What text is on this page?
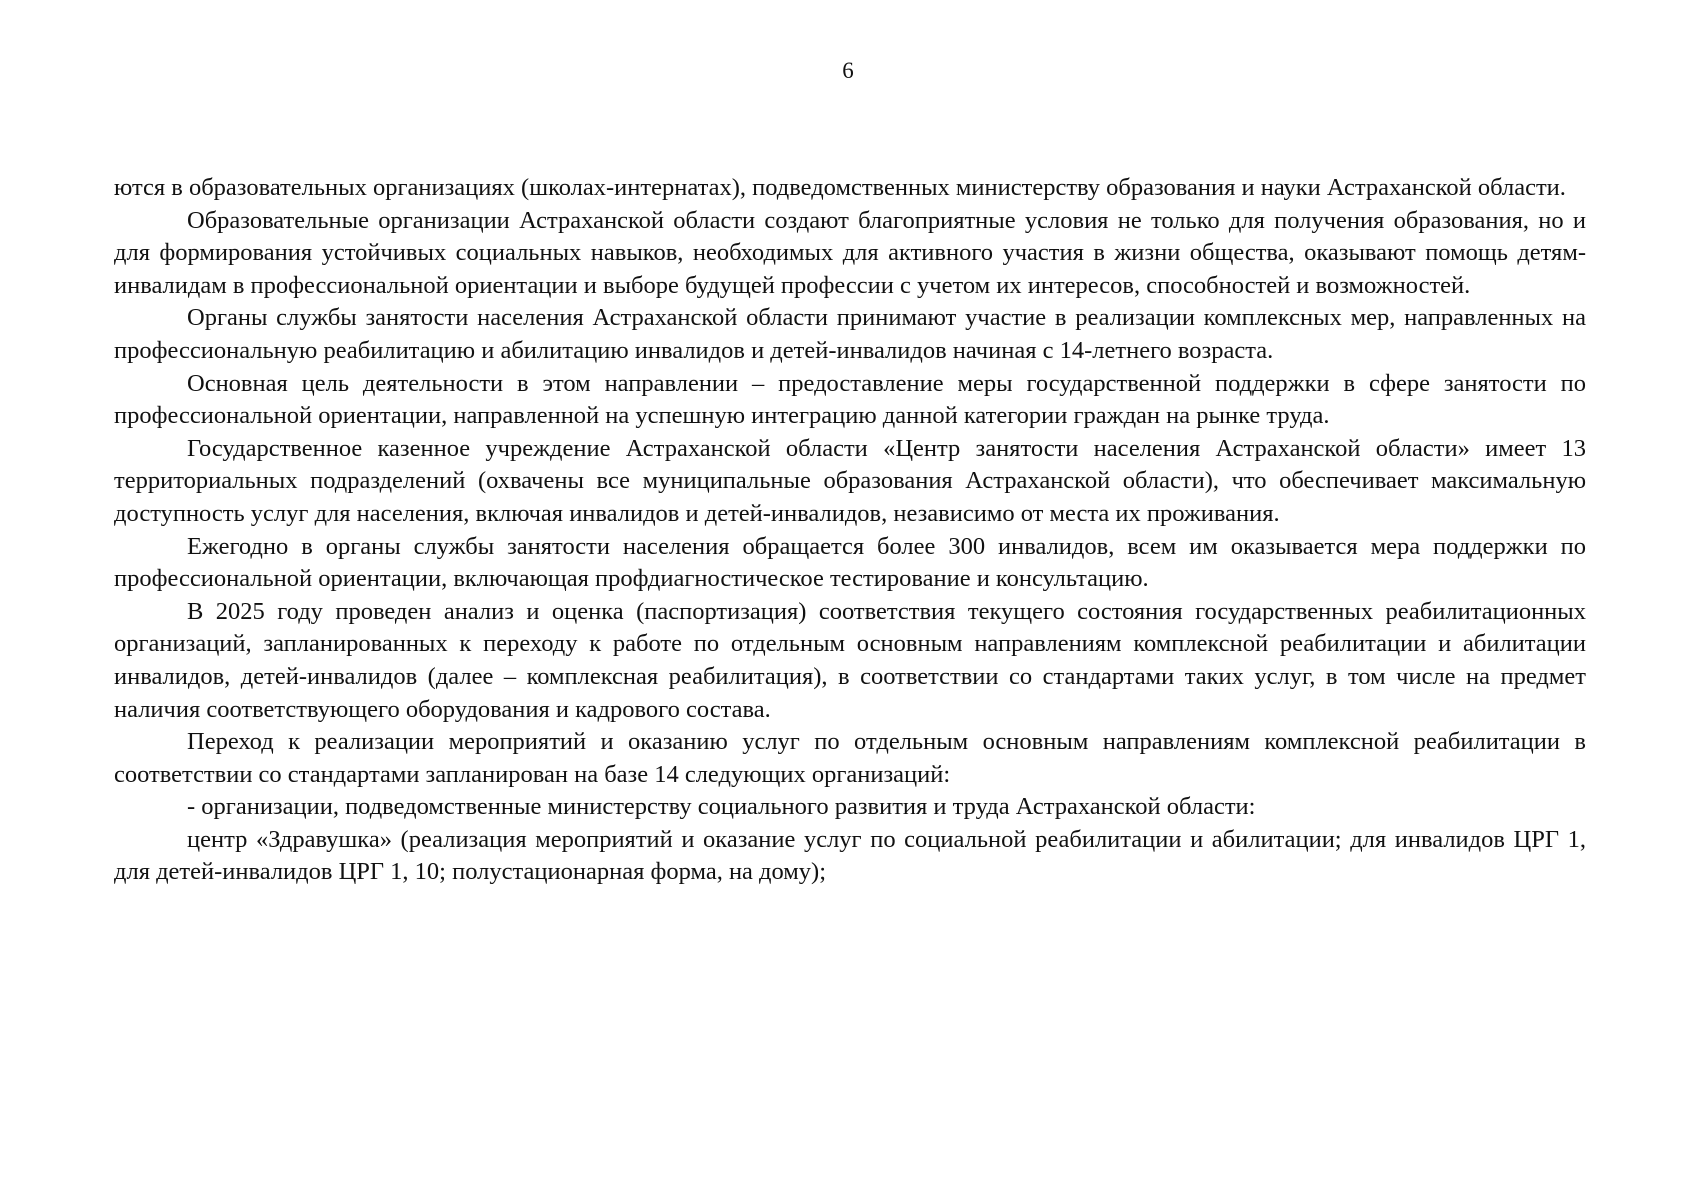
6

ются в образовательных организациях (школах-интернатах), подведомственных министерству образования и науки Астраханской области.

Образовательные организации Астраханской области создают благоприятные условия не только для получения образования, но и для формирования устойчивых социальных навыков, необходимых для активного участия в жизни общества, оказывают помощь детям-инвалидам в профессиональной ориентации и выборе будущей профессии с учетом их интересов, способностей и возможностей.

Органы службы занятости населения Астраханской области принимают участие в реализации комплексных мер, направленных на профессиональную реабилитацию и абилитацию инвалидов и детей-инвалидов начиная с 14-летнего возраста.

Основная цель деятельности в этом направлении – предоставление меры государственной поддержки в сфере занятости по профессиональной ориентации, направленной на успешную интеграцию данной категории граждан на рынке труда.

Государственное казенное учреждение Астраханской области «Центр занятости населения Астраханской области» имеет 13 территориальных подразделений (охвачены все муниципальные образования Астраханской области), что обеспечивает максимальную доступность услуг для населения, включая инвалидов и детей-инвалидов, независимо от места их проживания.

Ежегодно в органы службы занятости населения обращается более 300 инвалидов, всем им оказывается мера поддержки по профессиональной ориентации, включающая профдиагностическое тестирование и консультацию.

В 2025 году проведен анализ и оценка (паспортизация) соответствия текущего состояния государственных реабилитационных организаций, запланированных к переходу к работе по отдельным основным направлениям комплексной реабилитации и абилитации инвалидов, детей-инвалидов (далее – комплексная реабилитация), в соответствии со стандартами таких услуг, в том числе на предмет наличия соответствующего оборудования и кадрового состава.

Переход к реализации мероприятий и оказанию услуг по отдельным основным направлениям комплексной реабилитации в соответствии со стандартами запланирован на базе 14 следующих организаций:

- организации, подведомственные министерству социального развития и труда Астраханской области:

центр «Здравушка» (реализация мероприятий и оказание услуг по социальной реабилитации и абилитации; для инвалидов ЦРГ 1, для детей-инвалидов ЦРГ 1, 10; полустационарная форма, на дому);
